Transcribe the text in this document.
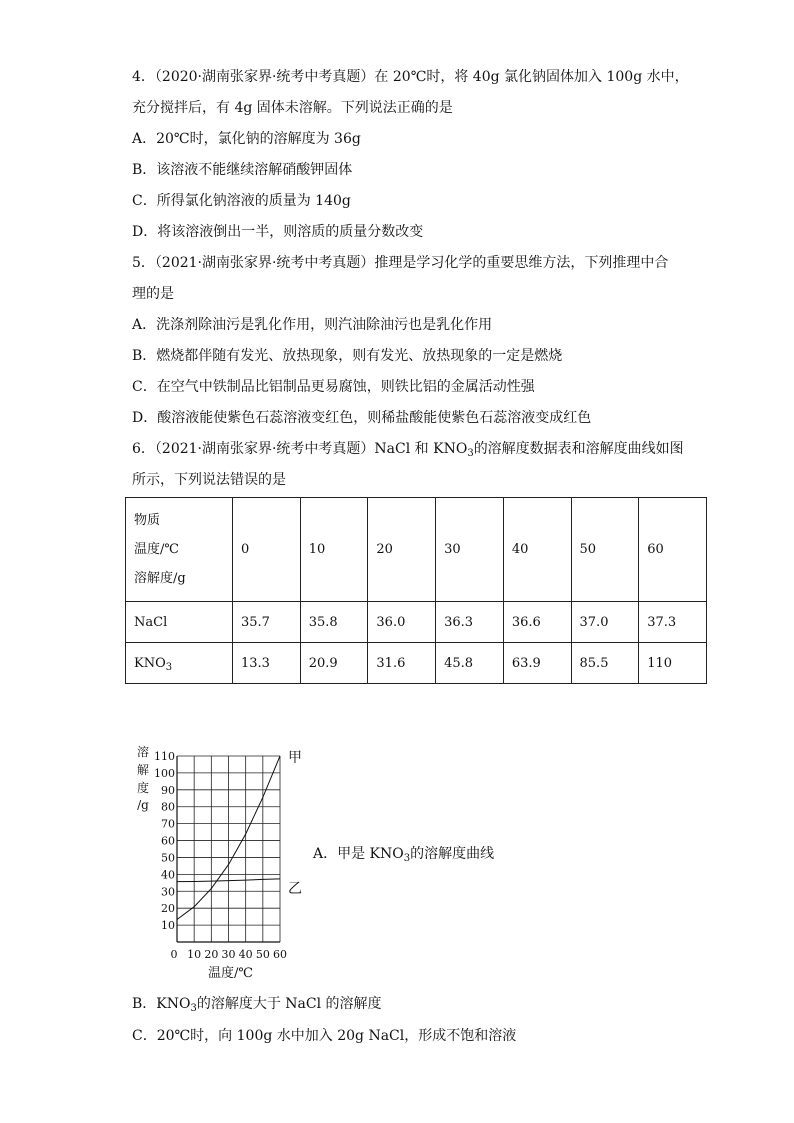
4．（2020·湖南张家界·统考中考真题）在 20℃时，将 40g 氯化钠固体加入 100g 水中，
充分搅拌后，有 4g 固体未溶解。下列说法正确的是
A．20℃时，氯化钠的溶解度为 36g
B．该溶液不能继续溶解硝酸钾固体
C．所得氯化钠溶液的质量为 140g
D．将该溶液倒出一半，则溶质的质量分数改变
5．（2021·湖南张家界·统考中考真题）推理是学习化学的重要思维方法，下列推理中合
理的是
A．洗涤剂除油污是乳化作用，则汽油除油污也是乳化作用
B．燃烧都伴随有发光、放热现象，则有发光、放热现象的一定是燃烧
C．在空气中铁制品比铝制品更易腐蚀，则铁比铝的金属活动性强
D．酸溶液能使紫色石蕊溶液变红色，则稀盐酸能使紫色石蕊溶液变成红色
6．（2021·湖南张家界·统考中考真题）NaCl 和 $KNO_3$的溶解度数据表和溶解度曲线如图
所示，下列说法错误的是
物质
温度/℃
溶解度/g	0	10	20	30	40	50	60
NaCl	35.7	35.8	36.0	36.3	36.6	37.0	37.3
$KNO_3$	13.3	20.9	31.6	45.8	63.9	85.5	110
10
20
30
40
50
60
70
80
90
100
110
0 10 20 30 40 50 60
溶
解
度
/g
温度/℃
甲
乙
A．甲是 $KNO_3$的溶解度曲线
B．$KNO_3$的溶解度大于 NaCl 的溶解度
C．20℃时，向 100g 水中加入 20g NaCl，形成不饱和溶液
